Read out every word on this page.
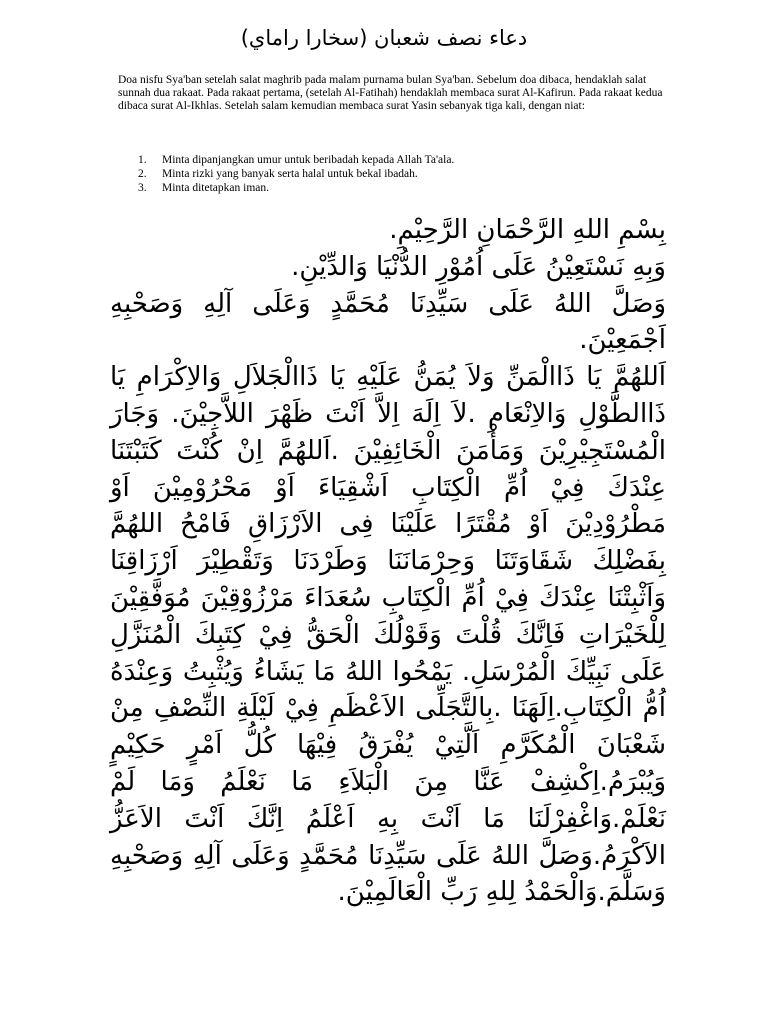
دعاء نصف شعبان (سخارا راماي)

Doa nisfu Sya'ban setelah salat maghrib pada malam purnama bulan Sya'ban. Sebelum doa dibaca, hendaklah salat sunnah dua rakaat. Pada rakaat pertama, (setelah Al-Fatihah) hendaklah membaca surat Al-Kafirun. Pada rakaat kedua dibaca surat Al-Ikhlas. Setelah salam kemudian membaca surat Yasin sebanyak tiga kali, dengan niat:

1.	Minta dipanjangkan umur untuk beribadah kepada Allah Ta'ala.
2.	Minta rizki yang banyak serta halal untuk bekal ibadah.
3.	Minta ditetapkan iman.
بِسْمِ اللهِ الرَّحْمَانِ الرَّحِيْمِ.
وَبِهِ نَسْتَعِيْنُ عَلَى اُمُوْرِ الدُّنْيَا وَالدِّيْنِ.
وَصَلَّ اللهُ عَلَى سَيِّدِنَا مُحَمَّدٍ وَعَلَى آلِهِ وَصَحْبِهِ اَجْمَعِيْنَ.
اَللهُمَّ يَا ذَاالْمَنِّ وَلاَ يُمَنُّ عَلَيْهِ يَا ذَاالْجَلاَلِ وَالاِكْرَامِ يَا ذَاالطَّوْلِ وَالاِنْعَامِ .لاَ اِلَهَ اِلاَّ اَنْتَ ظَهْرَ اللاَّجِيْنَ. وَجَارَ الْمُسْتَجِيْرِيْنَ وَمَأْمَنَ الْخَائِفِيْنَ .اَللهُمَّ اِنْ كُنْتَ كَتَبْتَنَا عِنْدَكَ فِيْ اُمِّ الْكِتَابِ اَشْقِيَاءَ اَوْ مَحْرُوْمِيْنَ اَوْ مَطْرُوْدِيْنَ اَوْ مُقْتَرًا عَلَيْنَا فِى الاَرْزَاقِ فَامْحُ اللهُمَّ بِفَضْلِكَ شَقَاوَتَنَا وَحِرْمَانَنَا وَطَرْدَنَا وَتَقْطِيْرَ اَرْزَاقِنَا وَاَثْبِتْنَا عِنْدَكَ فِيْ اُمِّ الْكِتَابِ سُعَدَاءَ مَرْزُوْقِيْنَ مُوَفَّقِيْنَ لِلْخَيْرَاتِ فَاِنَّكَ قُلْتَ وَقَوْلُكَ الْحَقُّ فِيْ كِتَبِكَ الْمُنَزَّلِ عَلَى نَبِيِّكَ الْمُرْسَلِ. يَمْحُوا اللهُ مَا يَشَاءُ وَيُثْبِتُ وَعِنْدَهُ اُمُّ الْكِتَابِ.اِلَهَنَا .بِالتَّجَلِّى الاَعْظَمِ فِيْ لَيْلَةِ النِّصْفِ مِنْ شَعْبَانَ الْمُكَرَّمِ اَلَّتِيْ يُفْرَقُ فِيْهَا كُلُّ اَمْرٍ حَكِيْمٍ وَيُبْرَمُ.اِكْشِفْ عَنَّا مِنَ الْبَلاَءِ مَا نَعْلَمُ وَمَا لَمْ نَعْلَمْ.وَاغْفِرْلَنَا مَا اَنْتَ بِهِ اَعْلَمُ اِنَّكَ اَنْتَ الاَعَزُّ الاَكْرَمُ.وَصَلَّ اللهُ عَلَى سَيِّدِنَا مُحَمَّدٍ وَعَلَى آلِهِ وَصَحْبِهِ وَسَلَّمَ.وَالْحَمْدُ لِلهِ رَبِّ الْعَالَمِيْنَ.
